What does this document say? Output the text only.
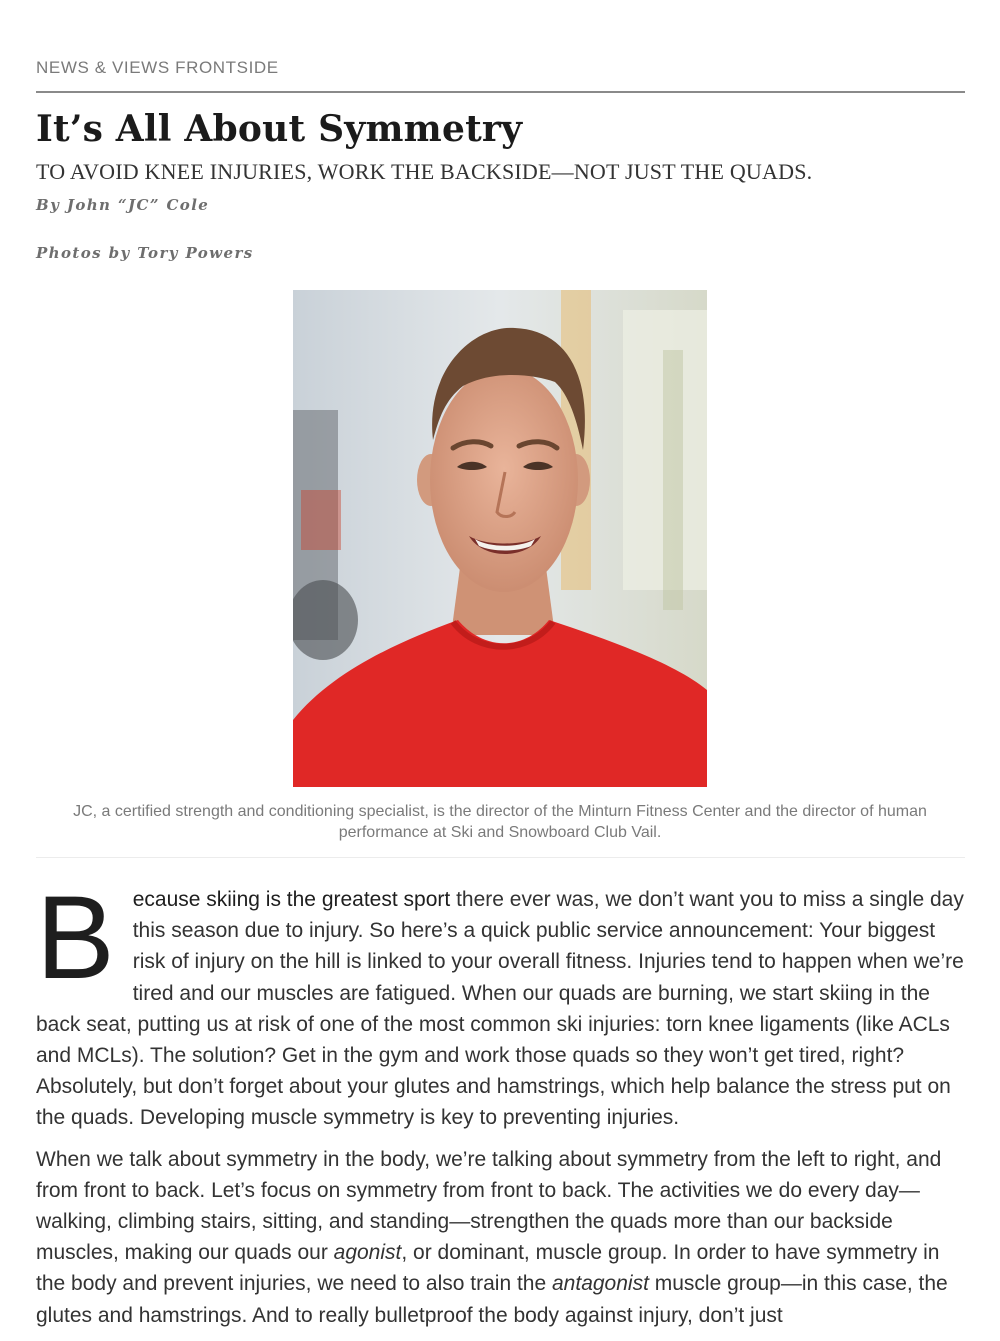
NEWS & VIEWS FRONTSIDE
It’s All About Symmetry
TO AVOID KNEE INJURIES, WORK THE BACKSIDE—NOT JUST THE QUADS.
By John “JC” Cole
Photos by Tory Powers
JC, a certified strength and conditioning specialist, is the director of the Minturn Fitness Center and the director of human performance at Ski and Snowboard Club Vail.

Because skiing is the greatest sport there ever was, we don’t want you to miss a single day this season due to injury. So here’s a quick public service announcement: Your biggest risk of injury on the hill is linked to your overall fitness. Injuries tend to happen when we’re tired and our muscles are fatigued. When our quads are burning, we start skiing in the back seat, putting us at risk of one of the most common ski injuries: torn knee ligaments (like ACLs and MCLs). The solution? Get in the gym and work those quads so they won’t get tired, right? Absolutely, but don’t forget about your glutes and hamstrings, which help balance the stress put on the quads. Developing muscle symmetry is key to preventing injuries.

When we talk about symmetry in the body, we’re talking about symmetry from the left to right, and from front to back. Let’s focus on symmetry from front to back. The activities we do every day—walking, climbing stairs, sitting, and standing—strengthen the quads more than our backside muscles, making our quads our agonist, or dominant, muscle group. In order to have symmetry in the body and prevent injuries, we need to also train the antagonist muscle group—in this case, the glutes and hamstrings. And to really bulletproof the body against injury, don’t just
